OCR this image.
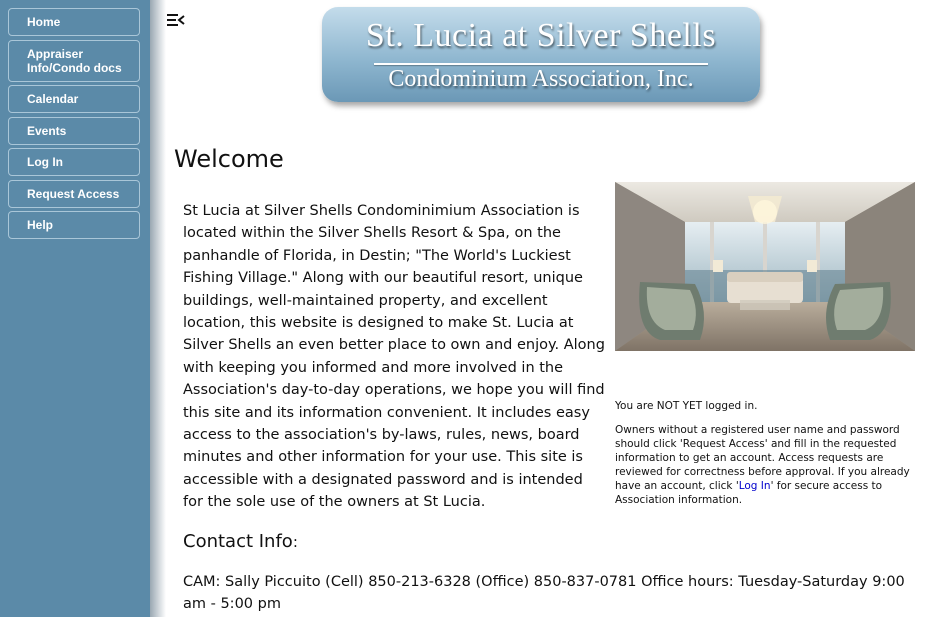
Home
Appraiser Info/Condo docs
Calendar
Events
Log In
Request Access
Help
St. Lucia at Silver Shells
Condominium Association, Inc.
Welcome
St Lucia at Silver Shells Condominimium Association is located within the Silver Shells Resort & Spa, on the panhandle of Florida, in Destin; "The World's Luckiest Fishing Village." Along with our beautiful resort, unique buildings, well-maintained property, and excellent location, this website is designed to make St. Lucia at Silver Shells an even better place to own and enjoy. Along with keeping you informed and more involved in the Association's day-to-day operations, we hope you will find this site and its information convenient. It includes easy access to the association's by-laws, rules, news, board minutes and other information for your use. This site is accessible with a designated password and is intended for the sole use of the owners at St Lucia.
You are NOT YET logged in.
Owners without a registered user name and password should click 'Request Access' and fill in the requested information to get an account. Access requests are reviewed for correctness before approval. If you already have an account, click 'Log In' for secure access to Association information.
Contact Info:
CAM: Sally Piccuito (Cell) 850-213-6328 (Office) 850-837-0781 Office hours: Tuesday-Saturday 9:00 am - 5:00 pm
